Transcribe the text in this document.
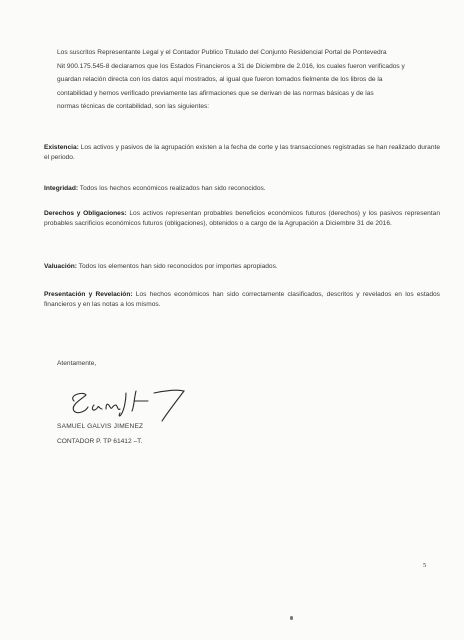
Los suscritos Representante Legal y el Contador Publico Titulado del Conjunto Residencial Portal de Pontevedra

Nit 900.175.545-8 declaramos que los Estados Financieros a 31 de Diciembre de 2.016, los cuales fueron verificados y

guardan relación directa con los datos aquí mostrados, al igual que fueron tomados fielmente de los libros de la

contabilidad y hemos verificado previamente las afirmaciones que se derivan de las normas básicas y de las

normas técnicas de contabilidad, son las siguientes:

Existencia: Los activos y pasivos de la agrupación existen a la fecha de corte y las transacciones registradas se han realizado durante el periodo.

Integridad: Todos los hechos económicos realizados han sido reconocidos.

Derechos y Obligaciones: Los activos representan probables beneficios económicos futuros (derechos) y los pasivos representan probables sacrificios económicos futuros (obligaciones), obtenidos o a cargo de la Agrupación a Diciembre 31 de 2016.

Valuación: Todos los elementos han sido reconocidos por importes apropiados.

Presentación y Revelación: Los hechos económicos han sido correctamente clasificados, descritos y revelados en los estados financieros y en las notas a los mismos.

Atentamente,
SAMUEL GALVIS JIMENEZ
CONTADOR P. TP 61412 –T.
5
